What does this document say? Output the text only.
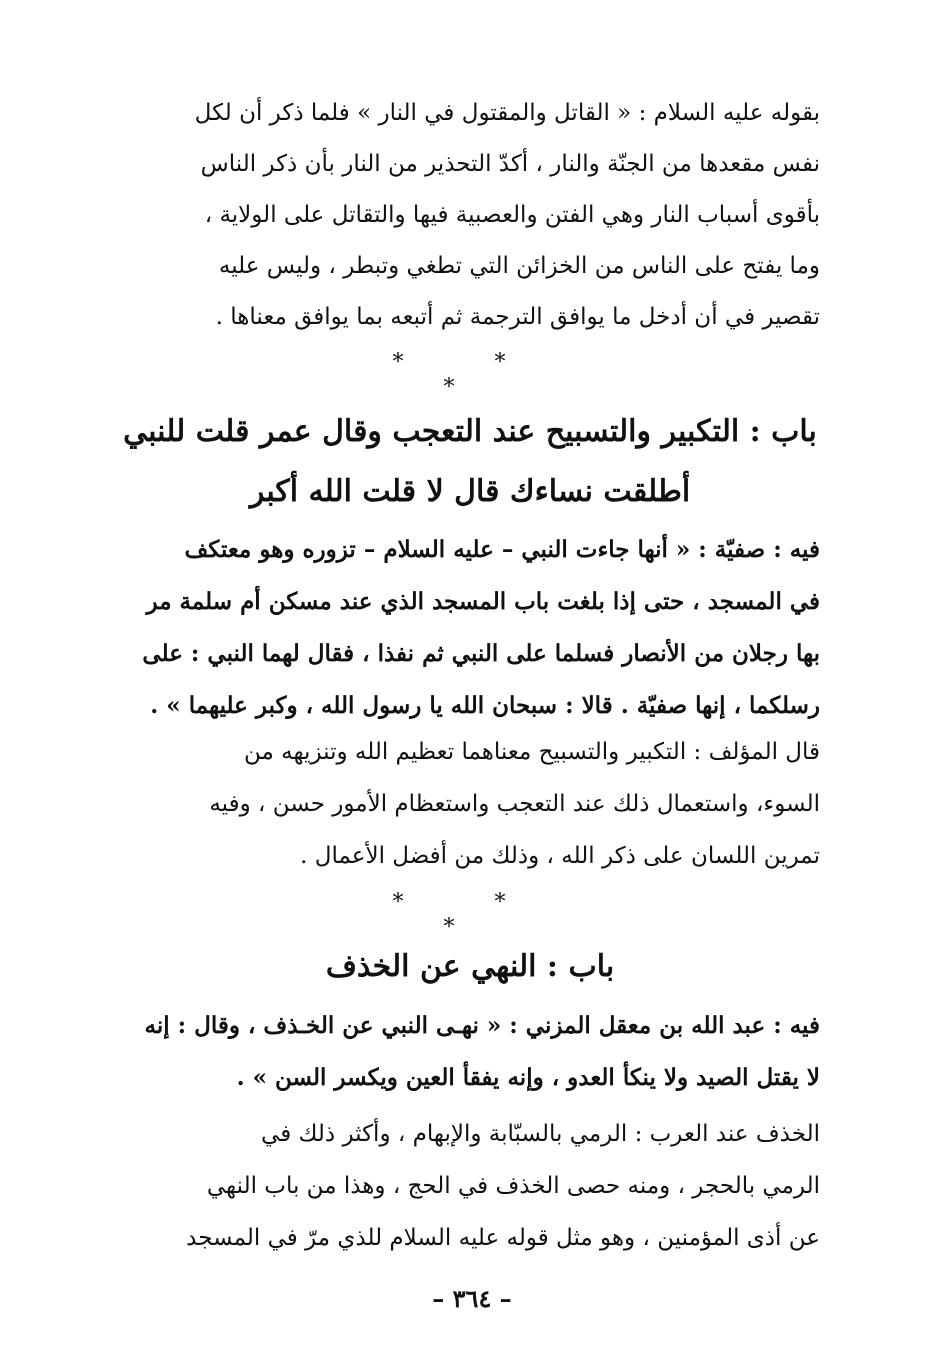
بقوله عليه السلام : « القاتل والمقتول في النار » فلما ذكر أن لكل
نفس مقعدها من الجنّة والنار ، أكدّ التحذير من النار بأن ذكر الناس
بأقوى أسباب النار وهي الفتن والعصبية فيها والتقاتل على الولاية ،
وما يفتح على الناس من الخزائن التي تطغي وتبطر ، وليس عليه
تقصير في أن أدخل ما يوافق الترجمة ثم أتبعه بما يوافق معناها .
* * *
باب : التكبير والتسبيح عند التعجب وقال عمر قلت للنبي
أطلقت نساءك قال لا قلت الله أكبر
فيه : صفيّة : « أنها جاءت النبي – عليه السلام – تزوره وهو معتكف
في المسجد ، حتى إذا بلغت باب المسجد الذي عند مسكن أم سلمة مر
بها رجلان من الأنصار فسلما على النبي ثم نفذا ، فقال لهما النبي : على
رسلكما ، إنها صفيّة . قالا : سبحان الله يا رسول الله ، وكبر عليهما » .
قال المؤلف : التكبير والتسبيح معناهما تعظيم الله وتنزيهه من
السوء، واستعمال ذلك عند التعجب واستعظام الأمور حسن ، وفيه
تمرين اللسان على ذكر الله ، وذلك من أفضل الأعمال .
* * *
باب : النهي عن الخذف
فيه : عبد الله بن معقل المزني : « نهـى النبي عن الخـذف ، وقال : إنه
لا يقتل الصيد ولا ينكأ العدو ، وإنه يفقأ العين ويكسر السن » .
الخذف عند العرب : الرمي بالسبّابة والإبهام ، وأكثر ذلك في
الرمي بالحجر ، ومنه حصى الخذف في الحج ، وهذا من باب النهي
عن أذى المؤمنين ، وهو مثل قوله عليه السلام للذي مرّ في المسجد
– ٣٦٤ –
